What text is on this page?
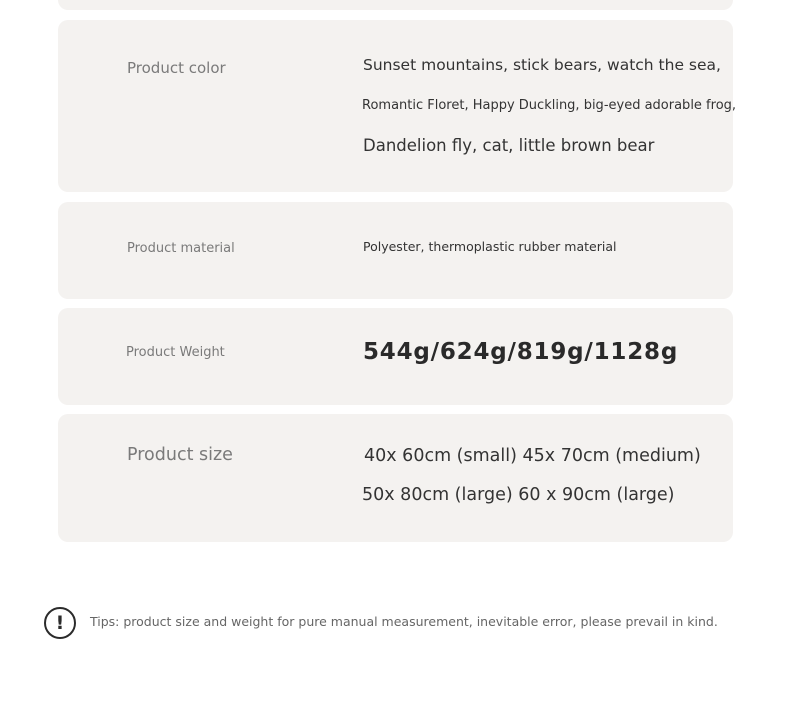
Product color	Sunset mountains, stick bears, watch the sea,
Romantic Floret, Happy Duckling, big-eyed adorable frog,
Dandelion fly, cat, little brown bear
Product material	Polyester, thermoplastic rubber material
Product Weight	544g/624g/819g/1128g
Product size	40x 60cm (small) 45x 70cm (medium)
50x 80cm (large) 60 x 90cm (large)
!	Tips: product size and weight for pure manual measurement, inevitable error, please prevail in kind.
